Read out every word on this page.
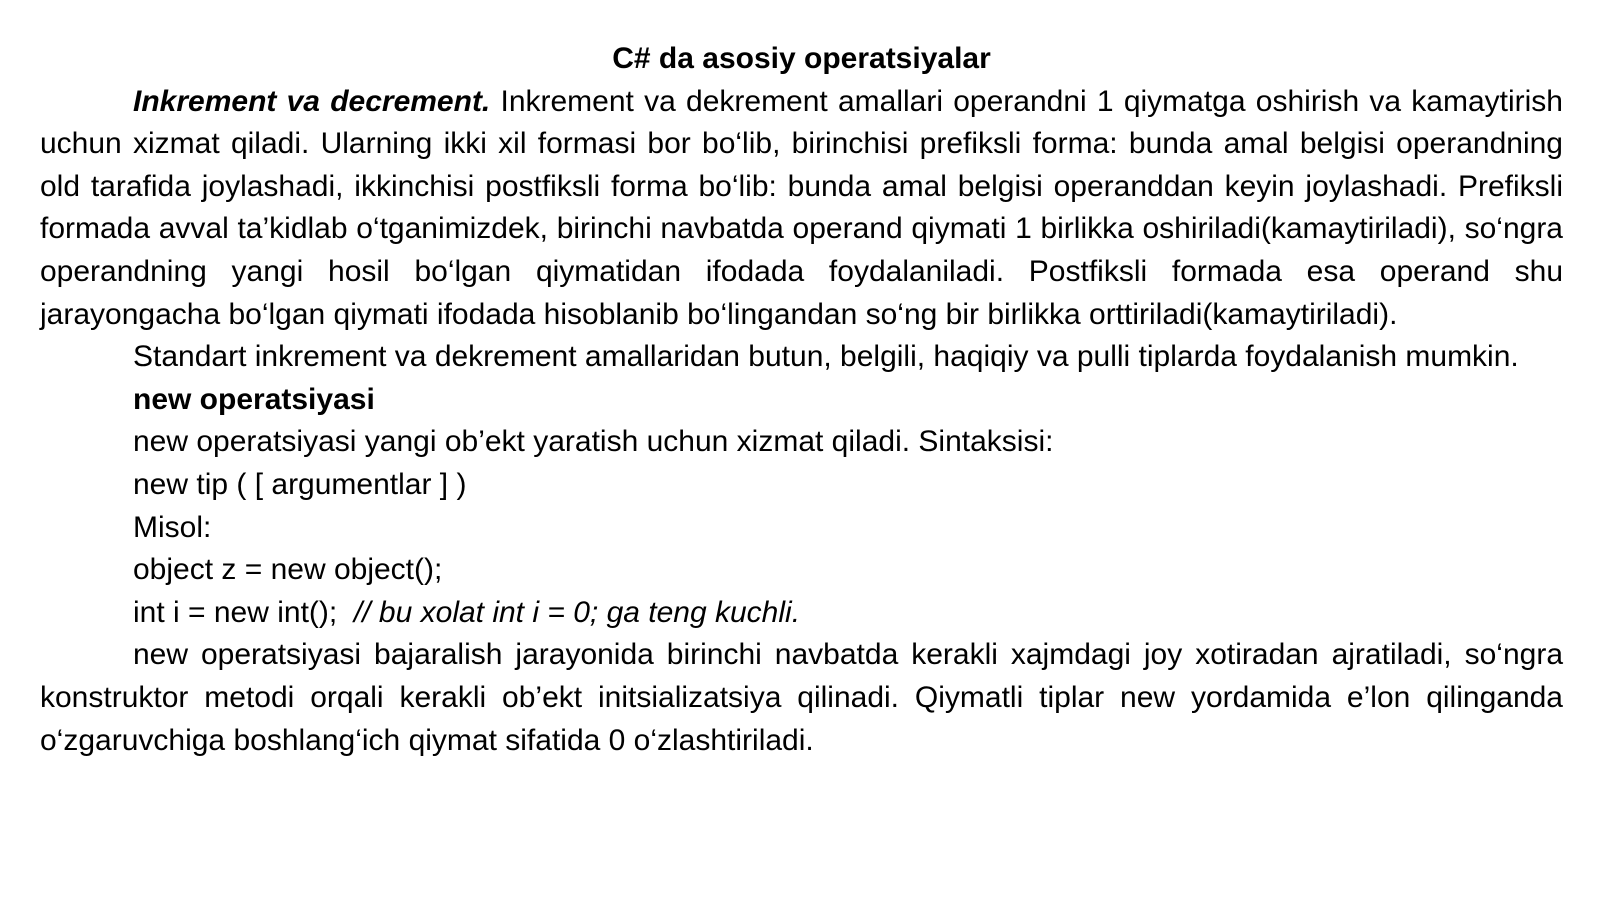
C# da asosiy operatsiyalar

Inkrement va decrement. Inkrement va dekrement amallari operandni 1 qiymatga oshirish va kamaytirish uchun xizmat qiladi. Ularning ikki xil formasi bor bo‘lib, birinchisi prefiksli forma: bunda amal belgisi operandning old tarafida joylashadi, ikkinchisi postfiksli forma bo‘lib: bunda amal belgisi operanddan keyin joylashadi. Prefiksli formada avval ta’kidlab o‘tganimizdek, birinchi navbatda operand qiymati 1 birlikka oshiriladi(kamaytiriladi), so‘ngra operandning yangi hosil bo‘lgan qiymatidan ifodada foydalaniladi. Postfiksli formada esa operand shu jarayongacha bo‘lgan qiymati ifodada hisoblanib bo‘lingandan so‘ng bir birlikka orttiriladi(kamaytiriladi).

Standart inkrement va dekrement amallaridan butun, belgili, haqiqiy va pulli tiplarda foydalanish mumkin.

new operatsiyasi

new operatsiyasi yangi ob’ekt yaratish uchun xizmat qiladi. Sintaksisi:

new tip ( [ argumentlar ] )

Misol:

object z = new object();

int i = new int();  // bu xolat int i = 0; ga teng kuchli.

new operatsiyasi bajaralish jarayonida birinchi navbatda kerakli xajmdagi joy xotiradan ajratiladi, so‘ngra konstruktor metodi orqali kerakli ob’ekt initsializatsiya qilinadi. Qiymatli tiplar new yordamida e’lon qilinganda o‘zgaruvchiga boshlang‘ich qiymat sifatida 0 o‘zlashtiriladi.
